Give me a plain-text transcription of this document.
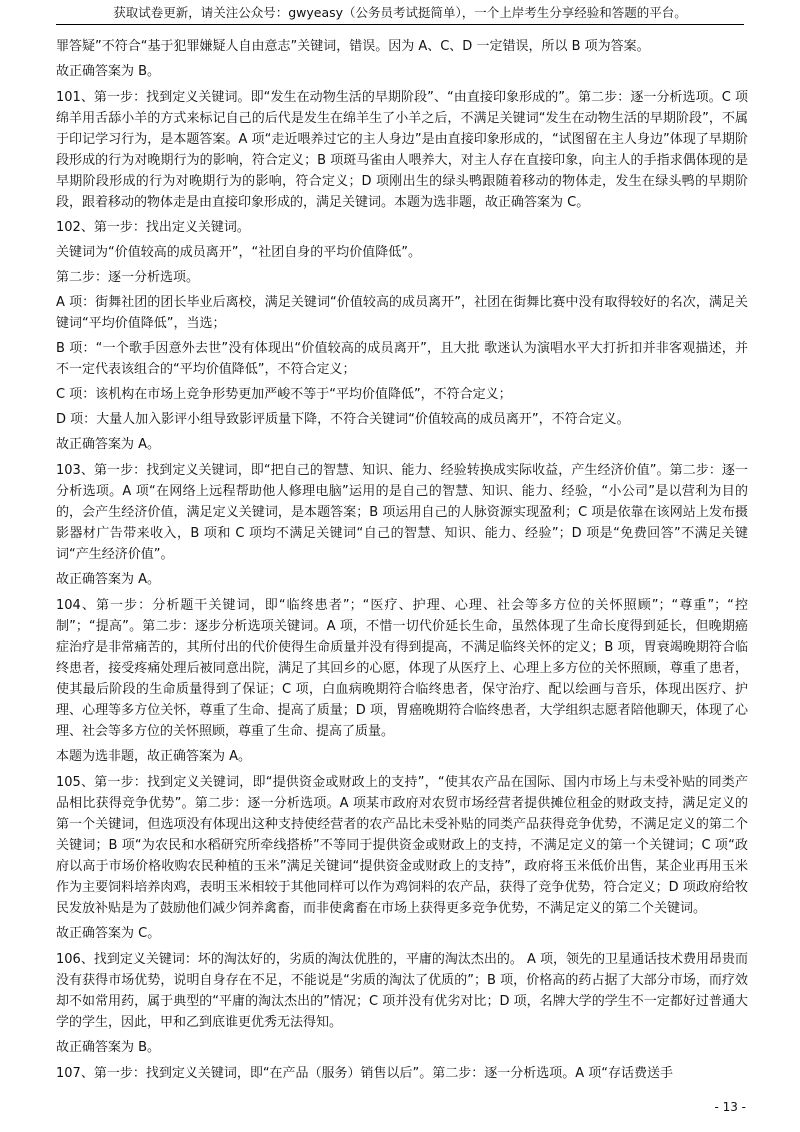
获取试卷更新，请关注公众号：gwyeasy（公务员考试挺简单），一个上岸考生分享经验和答题的平台。

罪答疑”不符合“基于犯罪嫌疑人自由意志”关键词，错误。因为 A、C、D 一定错误，所以 B 项为答案。

故正确答案为 B。

101、第一步：找到定义关键词。即“发生在动物生活的早期阶段”、“由直接印象形成的”。第二步：逐一分析选项。C 项绵羊用舌舔小羊的方式来标记自己的后代是发生在绵羊生了小羊之后，不满足关键词“发生在动物生活的早期阶段”，不属于印记学习行为，是本题答案。A 项“走近喂养过它的主人身边”是由直接印象形成的，“试图留在主人身边”体现了早期阶段形成的行为对晚期行为的影响，符合定义；B 项斑马雀由人喂养大，对主人存在直接印象，向主人的手指求偶体现的是早期阶段形成的行为对晚期行为的影响，符合定义；D 项刚出生的绿头鸭跟随着移动的物体走，发生在绿头鸭的早期阶段，跟着移动的物体走是由直接印象形成的，满足关键词。本题为选非题，故正确答案为 C。

102、第一步：找出定义关键词。

关键词为“价值较高的成员离开”，“社团自身的平均价值降低”。

第二步：逐一分析选项。

A 项：街舞社团的团长毕业后离校，满足关键词“价值较高的成员离开”，社团在街舞比赛中没有取得较好的名次，满足关键词“平均价值降低”，当选；

B 项：“一个歌手因意外去世”没有体现出“价值较高的成员离开”，且大批 歌迷认为演唱水平大打折扣并非客观描述，并不一定代表该组合的“平均价值降低”，不符合定义；

C 项：该机构在市场上竞争形势更加严峻不等于“平均价值降低”，不符合定义；

D 项：大量人加入影评小组导致影评质量下降，不符合关键词“价值较高的成员离开”，不符合定义。

故正确答案为 A。

103、第一步：找到定义关键词，即“把自己的智慧、知识、能力、经验转换成实际收益，产生经济价值”。第二步：逐一分析选项。A 项“在网络上远程帮助他人修理电脑”运用的是自己的智慧、知识、能力、经验，“小公司”是以营利为目的的，会产生经济价值，满足定义关键词，是本题答案；B 项运用自己的人脉资源实现盈利；C 项是依靠在该网站上发布摄影器材广告带来收入，B 项和 C 项均不满足关键词“自己的智慧、知识、能力、经验”；D 项是“免费回答”不满足关键词“产生经济价值”。

故正确答案为 A。

104、第一步：分析题干关键词，即“临终患者”；“医疗、护理、心理、社会等多方位的关怀照顾”；“尊重”；“控制”；“提高”。第二步：逐步分析选项关键词。A 项，不惜一切代价延长生命，虽然体现了生命长度得到延长，但晚期癌症治疗是非常痛苦的，其所付出的代价使得生命质量并没有得到提高，不满足临终关怀的定义；B 项，胃衰竭晚期符合临终患者，接受疼痛处理后被同意出院，满足了其回乡的心愿，体现了从医疗上、心理上多方位的关怀照顾，尊重了患者，使其最后阶段的生命质量得到了保证；C 项，白血病晚期符合临终患者，保守治疗、配以绘画与音乐，体现出医疗、护理、心理等多方位关怀，尊重了生命、提高了质量；D 项，胃癌晚期符合临终患者，大学组织志愿者陪他聊天，体现了心理、社会等多方位的关怀照顾，尊重了生命、提高了质量。

本题为选非题，故正确答案为 A。

105、第一步：找到定义关键词，即“提供资金或财政上的支持”，“使其农产品在国际、国内市场上与未受补贴的同类产品相比获得竞争优势”。第二步：逐一分析选项。A 项某市政府对农贸市场经营者提供摊位租金的财政支持，满足定义的第一个关键词，但选项没有体现出这种支持使经营者的农产品比未受补贴的同类产品获得竞争优势，不满足定义的第二个关键词；B 项“为农民和水稻研究所牵线搭桥”不等同于提供资金或财政上的支持，不满足定义的第一个关键词；C 项“政府以高于市场价格收购农民种植的玉米”满足关键词“提供资金或财政上的支持”，政府将玉米低价出售，某企业再用玉米作为主要饲料培养肉鸡，表明玉米相较于其他同样可以作为鸡饲料的农产品，获得了竞争优势，符合定义；D 项政府给牧民发放补贴是为了鼓励他们减少饲养禽畜，而非使禽畜在市场上获得更多竞争优势，不满足定义的第二个关键词。

故正确答案为 C。

106、找到定义关键词：坏的淘汰好的，劣质的淘汰优胜的，平庸的淘汰杰出的。 A 项，领先的卫星通话技术费用昂贵而没有获得市场优势，说明自身存在不足，不能说是“劣质的淘汰了优质的”；B 项，价格高的药占据了大部分市场，而疗效却不如常用药，属于典型的“平庸的淘汰杰出的”情况；C 项并没有优劣对比；D 项，名牌大学的学生不一定都好过普通大学的学生，因此，甲和乙到底谁更优秀无法得知。

故正确答案为 B。

107、第一步：找到定义关键词，即“在产品（服务）销售以后”。第二步：逐一分析选项。A 项“存话费送手

- 13 -
